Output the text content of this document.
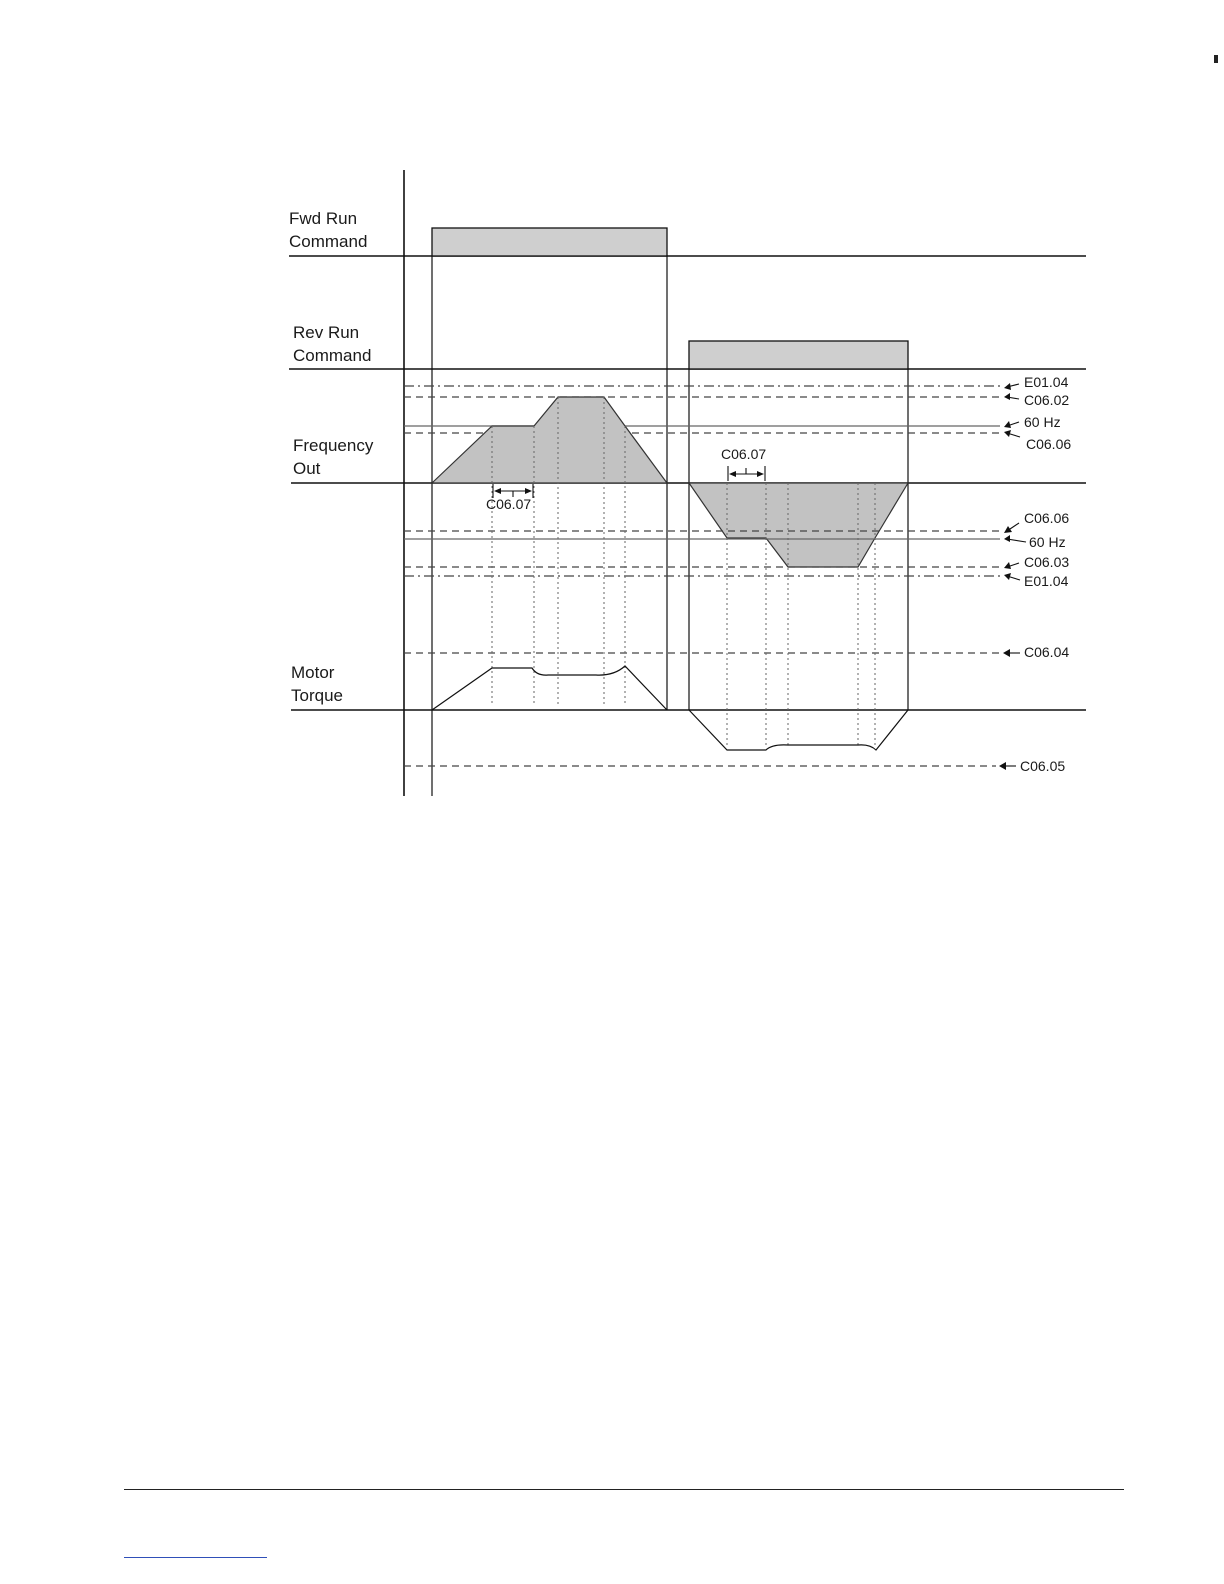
Fwd Run
Command
Rev Run
Command
Frequency
Out
Motor
Torque
E01.04
C06.02
60 Hz
C06.06
C06.06
60 Hz
C06.03
E01.04
C06.04
C06.05
C06.07
C06.07
